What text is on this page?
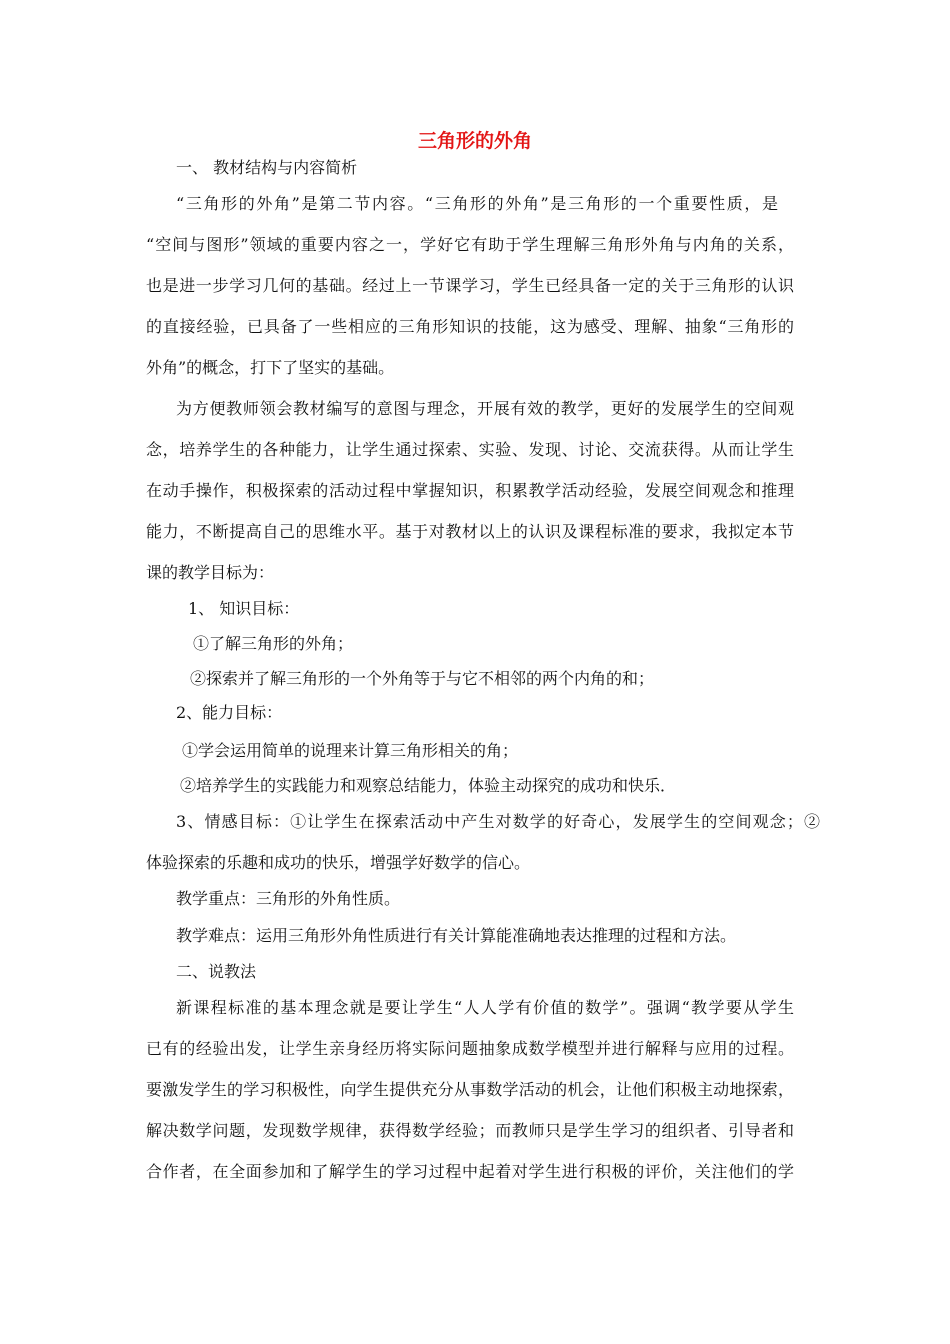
三角形的外角
一、 教材结构与内容简析
“三角形的外角”是第二节内容。“三角形的外角”是三角形的一个重要性质，是
“空间与图形”领域的重要内容之一，学好它有助于学生理解三角形外角与内角的关系，
也是进一步学习几何的基础。经过上一节课学习，学生已经具备一定的关于三角形的认识
的直接经验，已具备了一些相应的三角形知识的技能，这为感受、理解、抽象“三角形的
外角”的概念，打下了坚实的基础。
为方便教师领会教材编写的意图与理念，开展有效的教学，更好的发展学生的空间观
念，培养学生的各种能力，让学生通过探索、实验、发现、讨论、交流获得。从而让学生
在动手操作，积极探索的活动过程中掌握知识，积累教学活动经验，发展空间观念和推理
能力，不断提高自己的思维水平。基于对教材以上的认识及课程标准的要求，我拟定本节
课的教学目标为：
1、 知识目标：
①了解三角形的外角；
②探索并了解三角形的一个外角等于与它不相邻的两个内角的和；
2、能力目标：
①学会运用简单的说理来计算三角形相关的角；
②培养学生的实践能力和观察总结能力，体验主动探究的成功和快乐．
3、情感目标：①让学生在探索活动中产生对数学的好奇心，发展学生的空间观念；②
体验探索的乐趣和成功的快乐，增强学好数学的信心。
教学重点：三角形的外角性质。
教学难点：运用三角形外角性质进行有关计算能准确地表达推理的过程和方法。
二、说教法
新课程标准的基本理念就是要让学生“人人学有价值的数学”。强调“教学要从学生
已有的经验出发，让学生亲身经历将实际问题抽象成数学模型并进行解释与应用的过程。
要激发学生的学习积极性，向学生提供充分从事数学活动的机会，让他们积极主动地探索，
解决数学问题，发现数学规律，获得数学经验；而教师只是学生学习的组织者、引导者和
合作者，在全面参加和了解学生的学习过程中起着对学生进行积极的评价，关注他们的学
